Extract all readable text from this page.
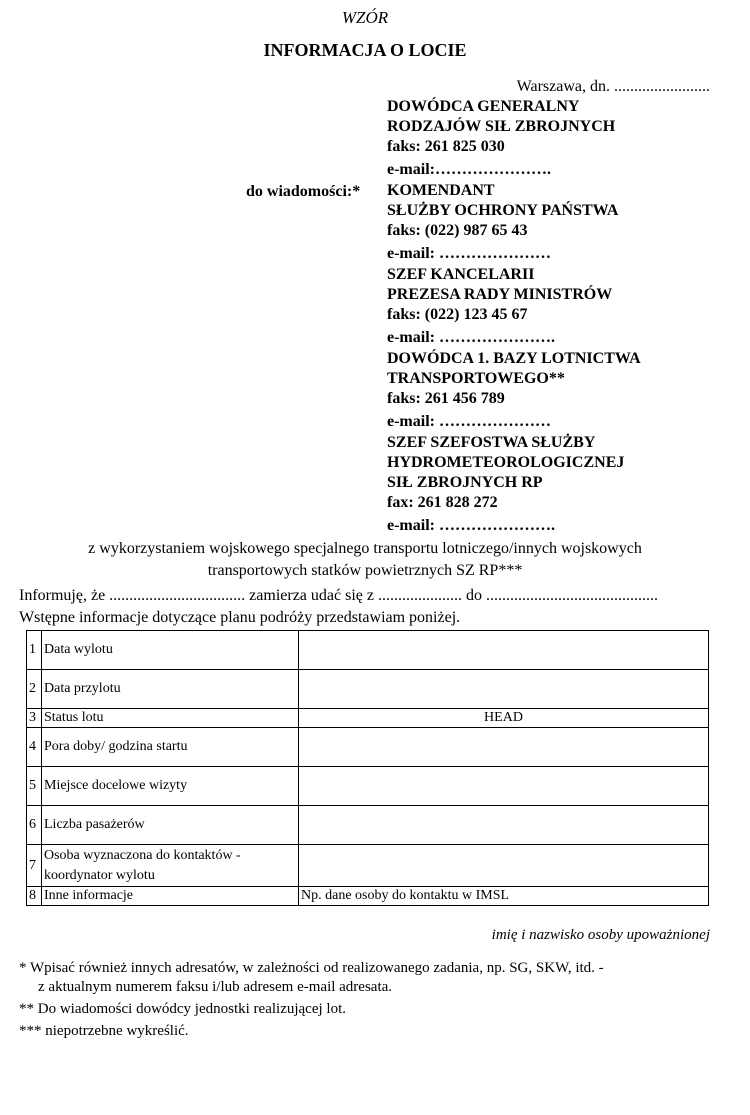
WZÓR
INFORMACJA O LOCIE
Warszawa, dn. ........................
DOWÓDCA GENERALNY
RODZAJÓW SIŁ ZBROJNYCH
faks: 261 825 030
e-mail:………………….
do wiadomości:* KOMENDANT
SŁUŻBY OCHRONY PAŃSTWA
faks: (022) 987 65 43
e-mail: …………………
SZEF KANCELARII
PREZESA RADY MINISTRÓW
faks: (022) 123 45 67
e-mail: ………………….
DOWÓDCA 1. BAZY LOTNICTWA
TRANSPORTOWEGO**
faks: 261 456 789
e-mail: …………………
SZEF SZEFOSTWA SŁUŻBY
HYDROMETEOROLOGICZNEJ
SIŁ ZBROJNYCH RP
fax: 261 828 272
e-mail: ………………….
z wykorzystaniem wojskowego specjalnego transportu lotniczego/innych wojskowych
transportowych statków powietrznych SZ RP***
Informuję, że .................................. zamierza udać się z ..................... do ...........................................
Wstępne informacje dotyczące planu podróży przedstawiam poniżej.
1	Data wylotu	
2	Data przylotu	
3	Status lotu	HEAD
4	Pora doby/ godzina startu	
5	Miejsce docelowe wizyty	
6	Liczba pasażerów	
7	Osoba wyznaczona do kontaktów - koordynator wylotu	
8	Inne informacje	Np. dane osoby do kontaktu w IMSL
imię i nazwisko osoby upoważnionej
* Wpisać również innych adresatów, w zależności od realizowanego zadania, np. SG, SKW, itd. -
z aktualnym numerem faksu i/lub adresem e-mail adresata.
** Do wiadomości dowódcy jednostki realizującej lot.
*** niepotrzebne wykreślić.
